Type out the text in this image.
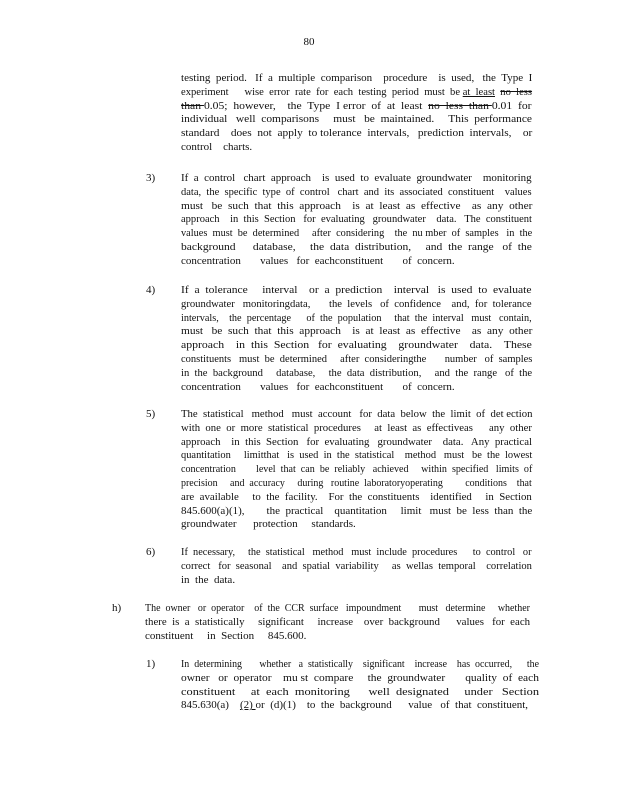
80
testing  period.   If  a  multiple  comparison    procedure    is  used,   the  Type  I
experiment      wise  error  rate  for  each  testing  period  must  be at  least no  less
than 0.05;  however,    the  Type  I error  of  at  least  no  less  than 0.01  for
individual   well  comparisons     must   be  maintained.     This  performance
standard    does  not  apply  to tolerance  intervals,   prediction  intervals,    or
control    charts.
3) If  a  control   chart  approach    is  used  to  evaluate  groundwater    monitoring
data,  the  specific  type  of  control   chart  and  its  associated  constituent    values
must   be  such  that  this  approach    is  at  least  as  effective    as  any  other
approach    in  this  Section   for  evaluating   groundwater    data.   The  constituent
values  must  be  determined     after  considering    the  nu mber  of  samples   in  the
background      database,     the  data  distribution,     and  the  range   of  the
concentration       values   for  eachconstituent       of  concern.
4) If  a  tolerance     interval    or  a  prediction    interval   is  used  to  evaluate
groundwater   monitoringdata,       the  levels   of  confidence    and,  for  tolerance
intervals,    the  percentage      of  the  population     that  the  interval   must   contain,
must   be  such  that  this  approach    is  at  least  as  effective    as  any  other
approach    in  this  Section   for  evaluating    groundwater    data.    These
constituents   must  be  determined     after  consideringthe       number   of  samples
in  the  background     database,     the  data  distribution,     and  the  range   of  the
concentration       values   for  eachconstituent       of  concern.
5) The  statistical   method   must  account   for  data  below  the  limit  of  det ection
with  one  or  more  statistical  procedures     at  least  as  effectiveas      any  other
approach    in  this  Section   for  evaluating   groundwater    data.   Any  practical
quantitation     limitthat   is  used  in  the  statistical    method   must   be  the  lowest
concentration        level  that  can  be  reliably   achieved     within  specified   limits  of
precision     and  accuracy     during   routine  laboratoryoperating         conditions    that
are  available     to  the  facility.    For  the  constituents    identified     in  Section
845.600(a)(1),        the  practical    quantitation     limit   must  be  less  than  the
groundwater      protection     standards.
6) If  necessary,     the  statistical   method   must  include  procedures      to  control   or
correct   for  seasonal    and  spatial  variability     as  wellas  temporal    correlation
in  the  data.
h) The  owner   or  operator    of  the  CCR  surface   impoundment       must   determine     whether
there  is  a  statistically     significant     increase    over  background      values   for  each
constituent     in  Section     845.600.
1) In  determining       whether   a  statistically    significant    increase    has  occurred,      the
owner   or  operator    mu st  compare     the  groundwater       quality  of  each
constituent     at  each  monitoring      well  designated     under   Section
845.630(a)    (2) or  (d)(1)    to  the  background      value   of  that  constituent,
